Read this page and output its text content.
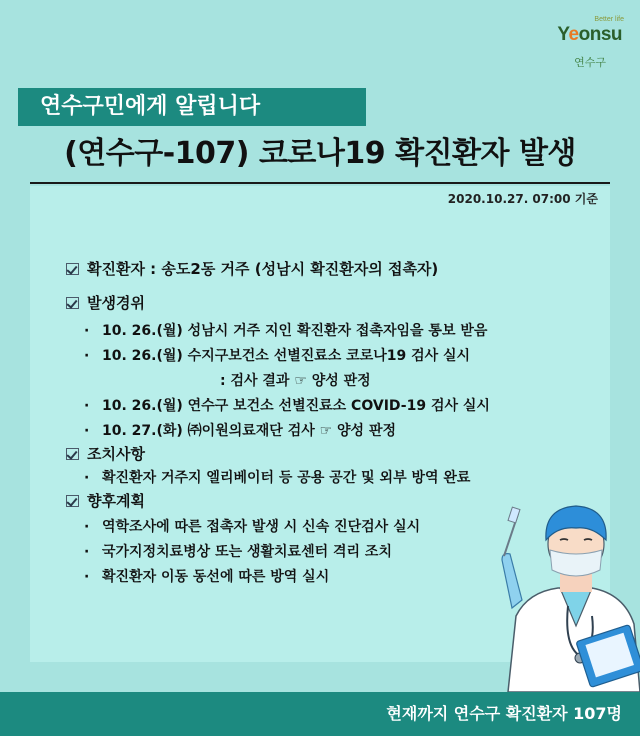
Better life
Yeonsu
연수구
연수구민에게 알립니다
(연수구-107) 코로나19 확진환자 발생
2020.10.27. 07:00 기준
확진환자 : 송도2동 거주 (성남시 확진환자의 접촉자)
발생경위
· 10. 26.(월) 성남시 거주 지인 확진환자 접촉자임을 통보 받음
· 10. 26.(월) 수지구보건소 선별진료소 코로나19 검사 실시
: 검사 결과 ☞ 양성 판정
· 10. 26.(월) 연수구 보건소 선별진료소 COVID-19 검사 실시
· 10. 27.(화) ㈜이원의료재단 검사 ☞ 양성 판정
조치사항
· 확진환자 거주지 엘리베이터 등 공용 공간 및 외부 방역 완료
향후계획
· 역학조사에 따른 접촉자 발생 시 신속 진단검사 실시
· 국가지정치료병상 또는 생활치료센터 격리 조치
· 확진환자 이동 동선에 따른 방역 실시
현재까지 연수구 확진환자 107명
